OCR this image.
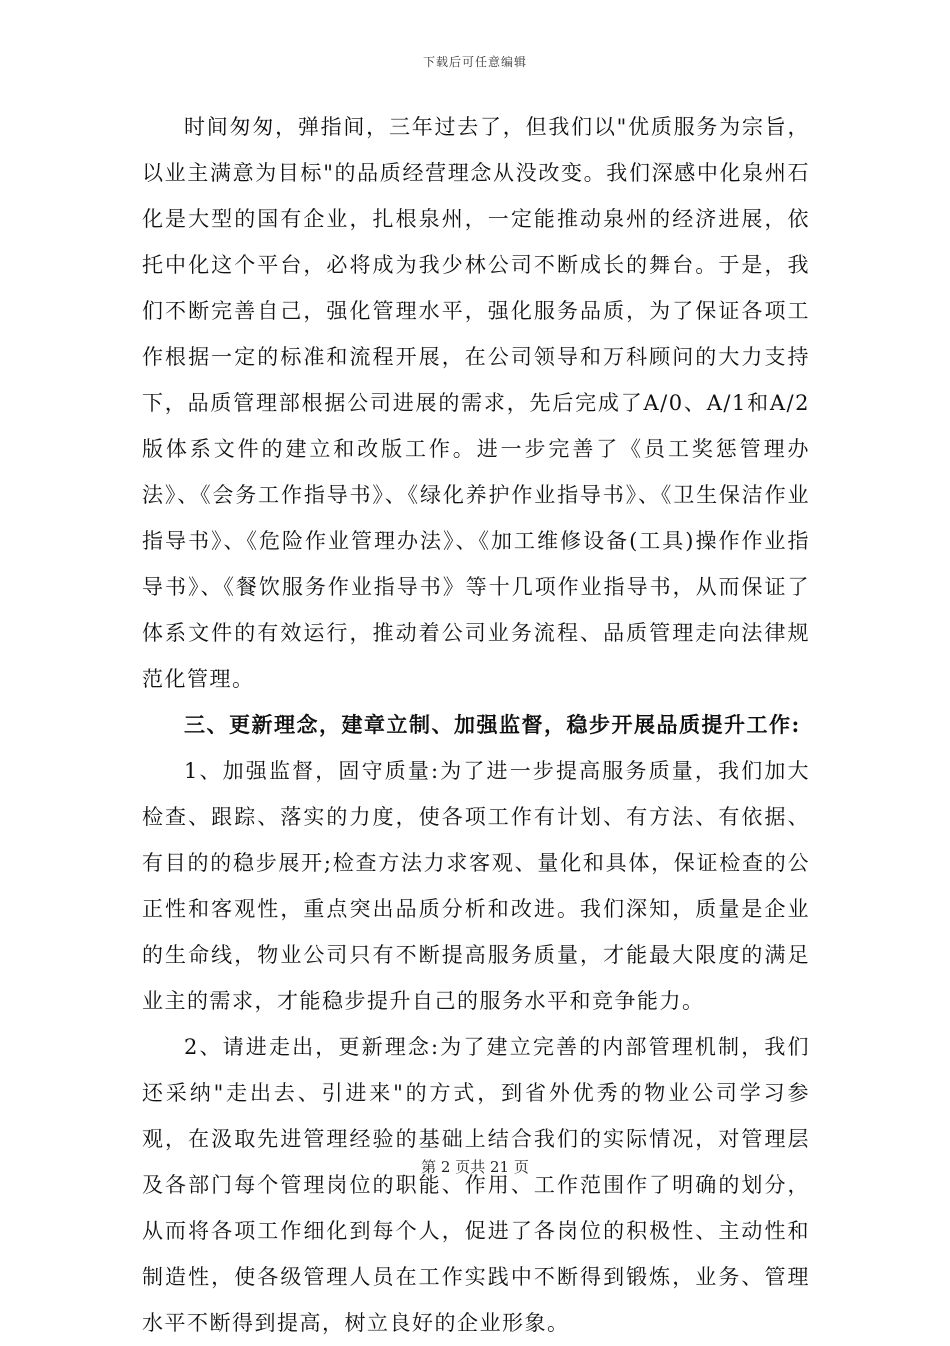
下载后可任意编辑

时间匆匆，弹指间，三年过去了，但我们以"优质服务为宗旨，以业主满意为目标"的品质经营理念从没改变。我们深感中化泉州石化是大型的国有企业，扎根泉州，一定能推动泉州的经济进展，依托中化这个平台，必将成为我少林公司不断成长的舞台。于是，我们不断完善自己，强化管理水平，强化服务品质，为了保证各项工作根据一定的标准和流程开展，在公司领导和万科顾问的大力支持下，品质管理部根据公司进展的需求，先后完成了A/0、A/1和A/2版体系文件的建立和改版工作。进一步完善了《员工奖惩管理办法》、《会务工作指导书》、《绿化养护作业指导书》、《卫生保洁作业指导书》、《危险作业管理办法》、《加工维修设备(工具)操作作业指导书》、《餐饮服务作业指导书》等十几项作业指导书，从而保证了体系文件的有效运行，推动着公司业务流程、品质管理走向法律规范化管理。

三、更新理念，建章立制、加强监督，稳步开展品质提升工作:

1、加强监督，固守质量:为了进一步提高服务质量，我们加大检查、跟踪、落实的力度，使各项工作有计划、有方法、有依据、有目的的稳步展开;检查方法力求客观、量化和具体，保证检查的公正性和客观性，重点突出品质分析和改进。我们深知，质量是企业的生命线，物业公司只有不断提高服务质量，才能最大限度的满足业主的需求，才能稳步提升自己的服务水平和竞争能力。

2、请进走出，更新理念:为了建立完善的内部管理机制，我们还采纳"走出去、引进来"的方式，到省外优秀的物业公司学习参观，在汲取先进管理经验的基础上结合我们的实际情况，对管理层及各部门每个管理岗位的职能、作用、工作范围作了明确的划分，从而将各项工作细化到每个人，促进了各岗位的积极性、主动性和制造性，使各级管理人员在工作实践中不断得到锻炼，业务、管理水平不断得到提高，树立良好的企业形象。

第 2 页共 21 页
